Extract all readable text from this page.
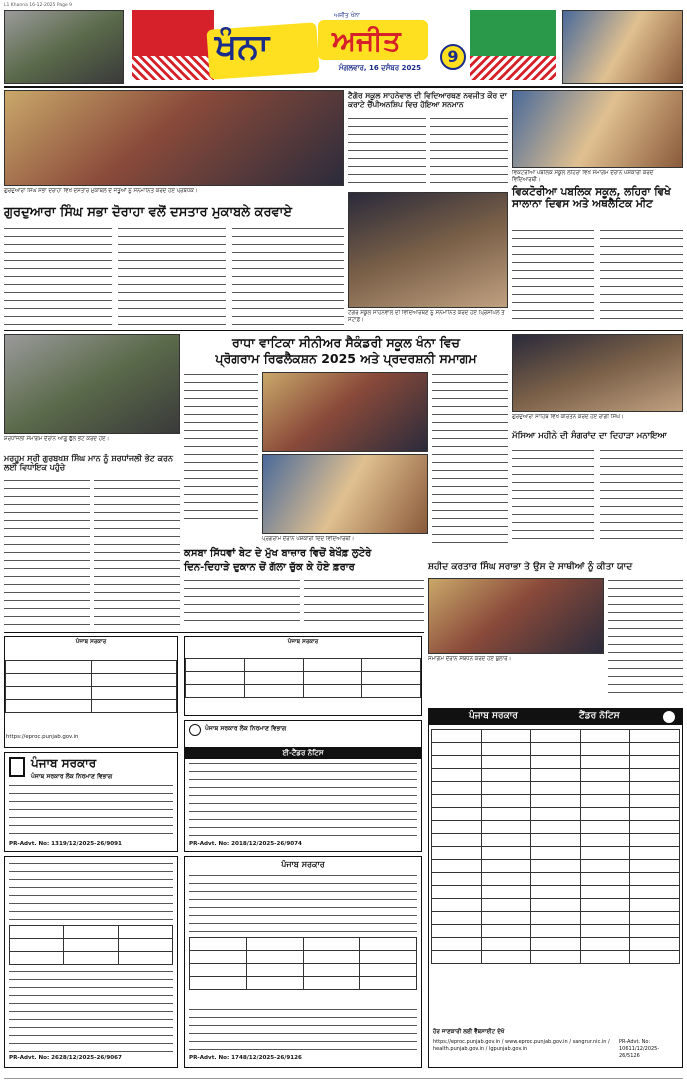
L1 Khanna 16-12-2025 Page 9
ਖੰਨਾ ਅਜੀਤ
ਅਜੀਤ ਖੰਨਾ
ਮੰਗਲਵਾਰ, 16 ਦਸੰਬਰ 2025
9
ਗੁਰਦੁਆਰਾ ਸਿੰਘ ਸਭਾ ਦੋਰਾਹਾ ਵਿਖੇ ਦਸਤਾਰ ਮੁਕਾਬਲੇ ਦੇ ਜੇਤੂਆਂ ਨੂੰ ਸਨਮਾਨਿਤ ਕਰਦੇ ਹੋਏ ਪ੍ਰਬੰਧਕ।
ਗੁਰਦੁਆਰਾ ਸਿੰਘ ਸਭਾ ਦੋਰਾਹਾ ਵਲੋਂ ਦਸਤਾਰ ਮੁਕਾਬਲੇ ਕਰਵਾਏ
ਟੈਗੋਰ ਸਕੂਲ ਸਾਹਨੇਵਾਲ ਦੀ ਵਿਦਿਆਰਥਣ ਨਵਜੀਤ ਕੌਰ ਦਾ ਕਰਾਟੇ ਚੈਂਪੀਅਨਸ਼ਿਪ ਵਿਚ ਹੋਇਆ ਸਨਮਾਨ
ਟੈਗੋਰ ਸਕੂਲ ਸਾਹਨੇਵਾਲ ਦੀ ਵਿਦਿਆਰਥਣ ਨੂੰ ਸਨਮਾਨਿਤ ਕਰਦੇ ਹੋਏ ਪ੍ਰਿੰਸੀਪਲ ਤੇ ਸਟਾਫ਼।
ਵਿਕਟੋਰੀਆ ਪਬਲਿਕ ਸਕੂਲ ਲਹਿਰਾ ਵਿਖੇ ਸਮਾਗਮ ਦੌਰਾਨ ਪੇਸ਼ਕਾਰੀ ਕਰਦੇ ਵਿਦਿਆਰਥੀ।
ਵਿਕਟੋਰੀਆ ਪਬਲਿਕ ਸਕੂਲ, ਲਹਿਰਾ ਵਿਖੇ ਸਾਲਾਨਾ ਦਿਵਸ ਅਤੇ ਅਥਲੈਟਿਕ ਮੀਟ
ਸ਼ਰਧਾਂਜਲੀ ਸਮਾਗਮ ਦੌਰਾਨ ਆਗੂ ਫੁੱਲ ਭੇਟ ਕਰਦੇ ਹੋਏ।
ਮਰਹੂਮ ਸ੍ਰੀ ਗੁਰਬਖਸ਼ ਸਿੰਘ ਮਾਨ ਨੂੰ ਸ਼ਰਧਾਂਜਲੀ ਭੇਟ ਕਰਨ ਲਈ ਵਿਧਾਇਕ ਪਹੁੰਚੇ
ਰਾਧਾ ਵਾਟਿਕਾ ਸੀਨੀਅਰ ਸੈਕੰਡਰੀ ਸਕੂਲ ਖੰਨਾ ਵਿਚ
ਪ੍ਰੋਗਰਾਮ ਰਿਫਲੈਕਸ਼ਨ 2025 ਅਤੇ ਪ੍ਰਦਰਸ਼ਨੀ ਸਮਾਗਮ
ਪ੍ਰੋਗਰਾਮ ਦੌਰਾਨ ਪੇਸ਼ਕਾਰੀ ਦਿੰਦੇ ਵਿਦਿਆਰਥੀ।
ਗੁਰਦੁਆਰਾ ਸਾਹਿਬ ਵਿਖੇ ਕੀਰਤਨ ਕਰਦੇ ਹੋਏ ਰਾਗੀ ਸਿੰਘ।
ਮੱਸਿਆ ਮਹੀਨੇ ਦੀ ਸੰਗਰਾਂਦ ਦਾ ਦਿਹਾੜਾ ਮਨਾਇਆ
ਕਸਬਾ ਸਿੱਧਵਾਂ ਬੇਟ ਦੇ ਮੁੱਖ ਬਾਜ਼ਾਰ ਵਿਚੋਂ ਬੇਖੌਫ਼ ਲੁਟੇਰੇ
ਦਿਨ-ਦਿਹਾੜੇ ਦੁਕਾਨ ਚੋਂ ਗੱਲਾ ਚੁੱਕ ਕੇ ਹੋਏ ਫ਼ਰਾਰ	ਸ਼ਹੀਦ ਕਰਤਾਰ ਸਿੰਘ ਸਰਾਭਾ ਤੇ ਉਸ ਦੇ ਸਾਥੀਆਂ ਨੂੰ ਕੀਤਾ ਯਾਦ
ਸਮਾਗਮ ਦੌਰਾਨ ਸੰਬੋਧਨ ਕਰਦੇ ਹੋਏ ਬੁਲਾਰੇ।
ਪੰਜਾਬ ਸਰਕਾਰ

https://eproc.punjab.gov.in
ਪੰਜਾਬ ਸਰਕਾਰ

ਪੰਜਾਬ ਸਰਕਾਰ
ਪੰਜਾਬ ਸਰਕਾਰ ਲੋਕ ਨਿਰਮਾਣ ਵਿਭਾਗ
PR-Advt. No: 1319/12/2025-26/9091
ਪੰਜਾਬ ਸਰਕਾਰ ਲੋਕ ਨਿਰਮਾਣ ਵਿਭਾਗ
ਈ-ਟੈਂਡਰ ਨੋਟਿਸ
PR-Advt. No: 2018/12/2025-26/9074

PR-Advt. No: 2628/12/2025-26/9067
ਪੰਜਾਬ ਸਰਕਾਰ

PR-Advt. No: 1748/12/2025-26/9126
ਪੰਜਾਬ ਸਰਕਾਰ	ਟੈਂਡਰ ਨੋਟਿਸ

ਹੋਰ ਜਾਣਕਾਰੀ ਲਈ ਵੈੱਬਸਾਈਟ ਦੇਖੋ
https://eproc.punjab.gov.in / www.eproc.punjab.gov.in / sangrur.nic.in / health.punjab.gov.in / lgpunjab.gov.in
PR-Advt. No: 10611/12/2025-26/5126
